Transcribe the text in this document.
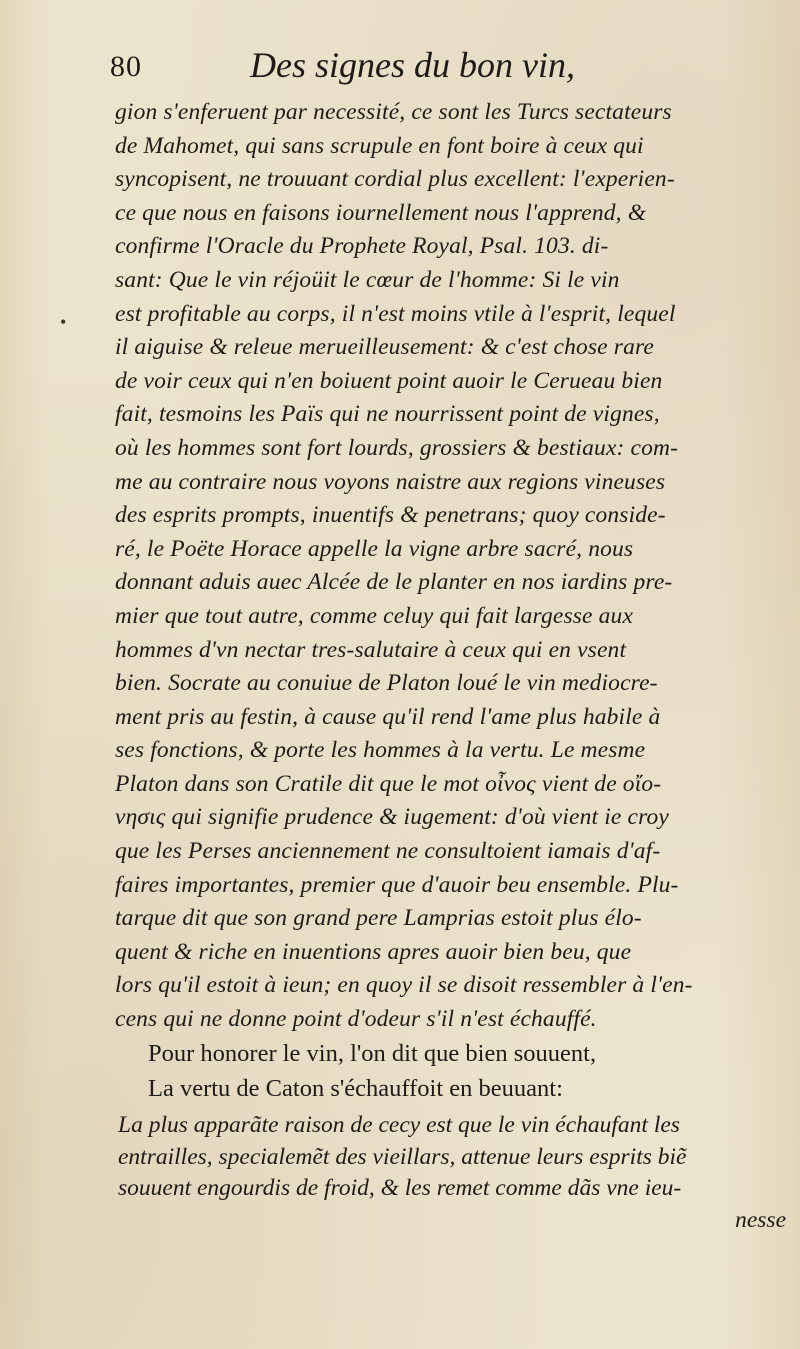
80	Des signes du bon vin,
•
gion s'enferuent par necessité, ce sont les Turcs sectateurs
de Mahomet, qui sans scrupule en font boire à ceux qui
syncopisent, ne trouuant cordial plus excellent: l'experien-
ce que nous en faisons iournellement nous l'apprend, &
confirme l'Oracle du Prophete Royal, Psal. 103. di-
sant: Que le vin réjoüit le cœur de l'homme: Si le vin
est profitable au corps, il n'est moins vtile à l'esprit, lequel
il aiguise & releue merueilleusement: & c'est chose rare
de voir ceux qui n'en boiuent point auoir le Cerueau bien
fait, tesmoins les Païs qui ne nourrissent point de vignes,
où les hommes sont fort lourds, grossiers & bestiaux: com-
me au contraire nous voyons naistre aux regions vineuses
des esprits prompts, inuentifs & penetrans; quoy conside-
ré, le Poëte Horace appelle la vigne arbre sacré, nous
donnant aduis auec Alcée de le planter en nos iardins pre-
mier que tout autre, comme celuy qui fait largesse aux
hommes d'vn nectar tres-salutaire à ceux qui en vsent
bien. Socrate au conuiue de Platon loué le vin mediocre-
ment pris au festin, à cause qu'il rend l'ame plus habile à
ses fonctions, & porte les hommes à la vertu. Le mesme
Platon dans son Cratile dit que le mot οἶνος vient de οἴο-
νησις qui signifie prudence & iugement: d'où vient ie croy
que les Perses anciennement ne consultoient iamais d'af-
faires importantes, premier que d'auoir beu ensemble. Plu-
tarque dit que son grand pere Lamprias estoit plus élo-
quent & riche en inuentions apres auoir bien beu, que
lors qu'il estoit à ieun; en quoy il se disoit ressembler à l'en-
cens qui ne donne point d'odeur s'il n'est échauffé.
Pour honorer le vin, l'on dit que bien souuent,
La vertu de Caton s'échauffoit en beuuant:
La plus apparãte raison de cecy est que le vin échaufant les
entrailles, specialemẽt des vieillars, attenue leurs esprits biẽ
souuent engourdis de froid, & les remet comme dãs vne ieu-
nesse
